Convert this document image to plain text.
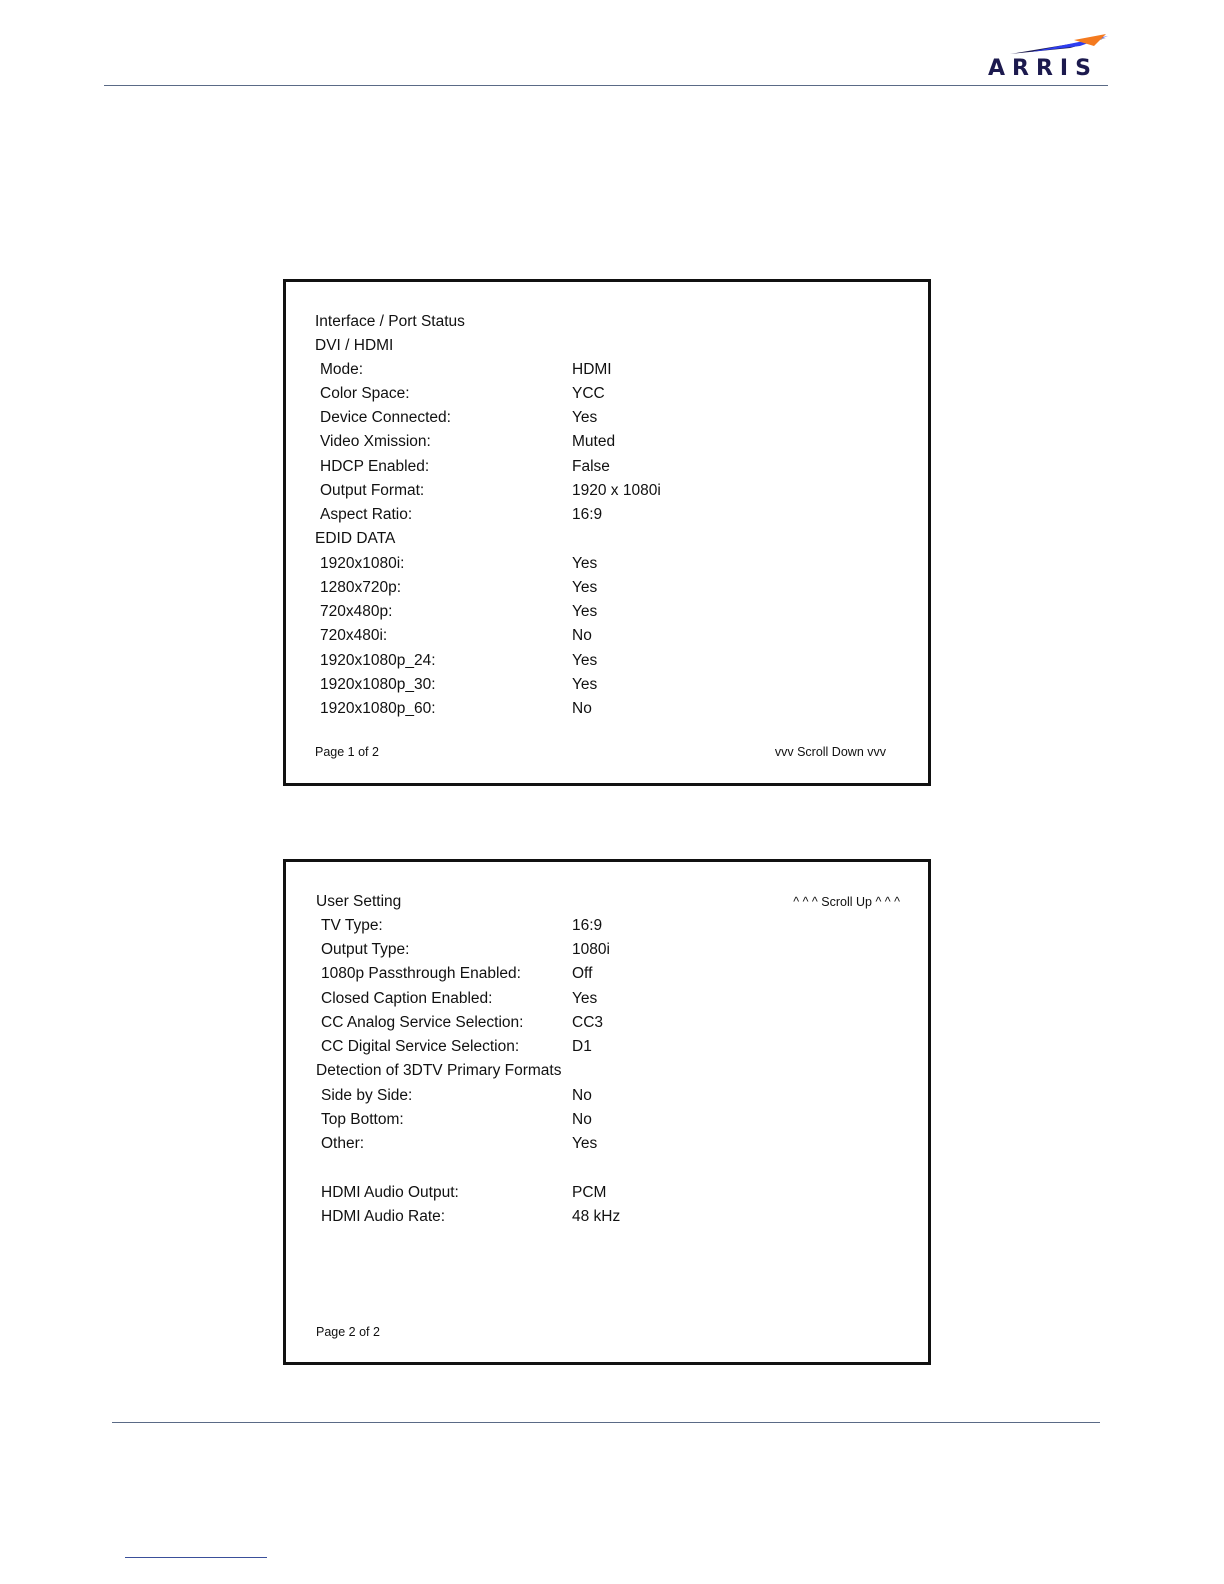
ARRIS
Interface / Port Status
DVI / HDMI
Mode:	HDMI
Color Space:	YCC
Device Connected:	Yes
Video Xmission:	Muted
HDCP Enabled:	False
Output Format:	1920 x 1080i
Aspect Ratio:	16:9
EDID DATA
1920x1080i:	Yes
1280x720p:	Yes
720x480p:	Yes
720x480i:	No
1920x1080p_24:	Yes
1920x1080p_30:	Yes
1920x1080p_60:	No
Page 1 of 2	vvv Scroll Down vvv
User Setting	^ ^ ^ Scroll Up ^ ^ ^
TV Type:	16:9
Output Type:	1080i
1080p Passthrough Enabled:	Off
Closed Caption Enabled:	Yes
CC Analog Service Selection:	CC3
CC Digital Service Selection:	D1
Detection of 3DTV Primary Formats
Side by Side:	No
Top Bottom:	No
Other:	Yes
HDMI Audio Output:	PCM
HDMI Audio Rate:	48 kHz
Page 2 of 2
